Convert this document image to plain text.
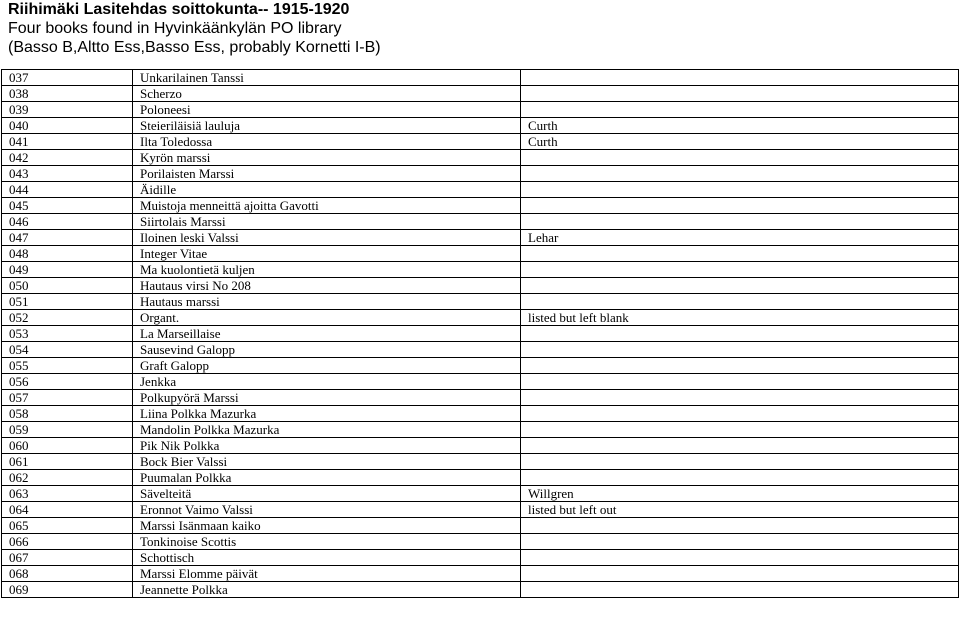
Riihimäki Lasitehdas soittokunta-- 1915-1920
Four books found in Hyvinkäänkylän PO library
(Basso B,Altto Ess,Basso Ess, probably Kornetti I-B)
037	Unkarilainen Tanssi	
038	Scherzo	
039	Poloneesi	
040	Steieriläisiä lauluja	Curth
041	Ilta Toledossa	Curth
042	Kyrön marssi	
043	Porilaisten Marssi	
044	Äidille	
045	Muistoja menneittä ajoitta Gavotti	
046	Siirtolais Marssi	
047	Iloinen leski Valssi	Lehar
048	Integer Vitae	
049	Ma kuolontietä kuljen	
050	Hautaus virsi No 208	
051	Hautaus marssi	
052	Organt.	listed but left blank
053	La Marseillaise	
054	Sausevind Galopp	
055	Graft Galopp	
056	Jenkka	
057	Polkupyörä Marssi	
058	Liina Polkka Mazurka	
059	Mandolin Polkka Mazurka	
060	Pik Nik Polkka	
061	Bock Bier Valssi	
062	Puumalan Polkka	
063	Sävelteitä	Willgren
064	Eronnot Vaimo Valssi	listed but left out
065	Marssi Isänmaan kaiko	
066	Tonkinoise Scottis	
067	Schottisch	
068	Marssi Elomme päivät	
069	Jeannette Polkka	
